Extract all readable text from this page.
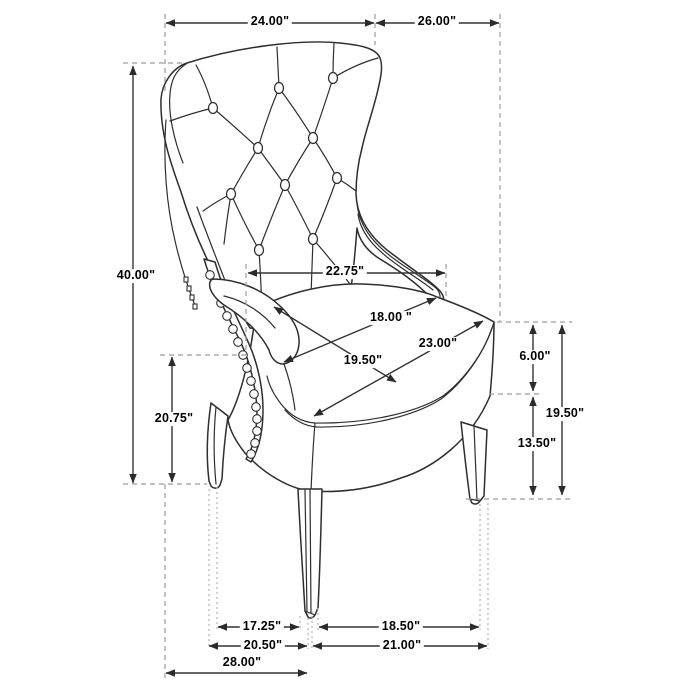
24.00"	26.00"
40.00"
20.75"
22.75"
18.00 "
19.50"
23.00"
6.00"
19.50"
13.50"
17.25"	18.50"
20.50"	21.00"
28.00"
